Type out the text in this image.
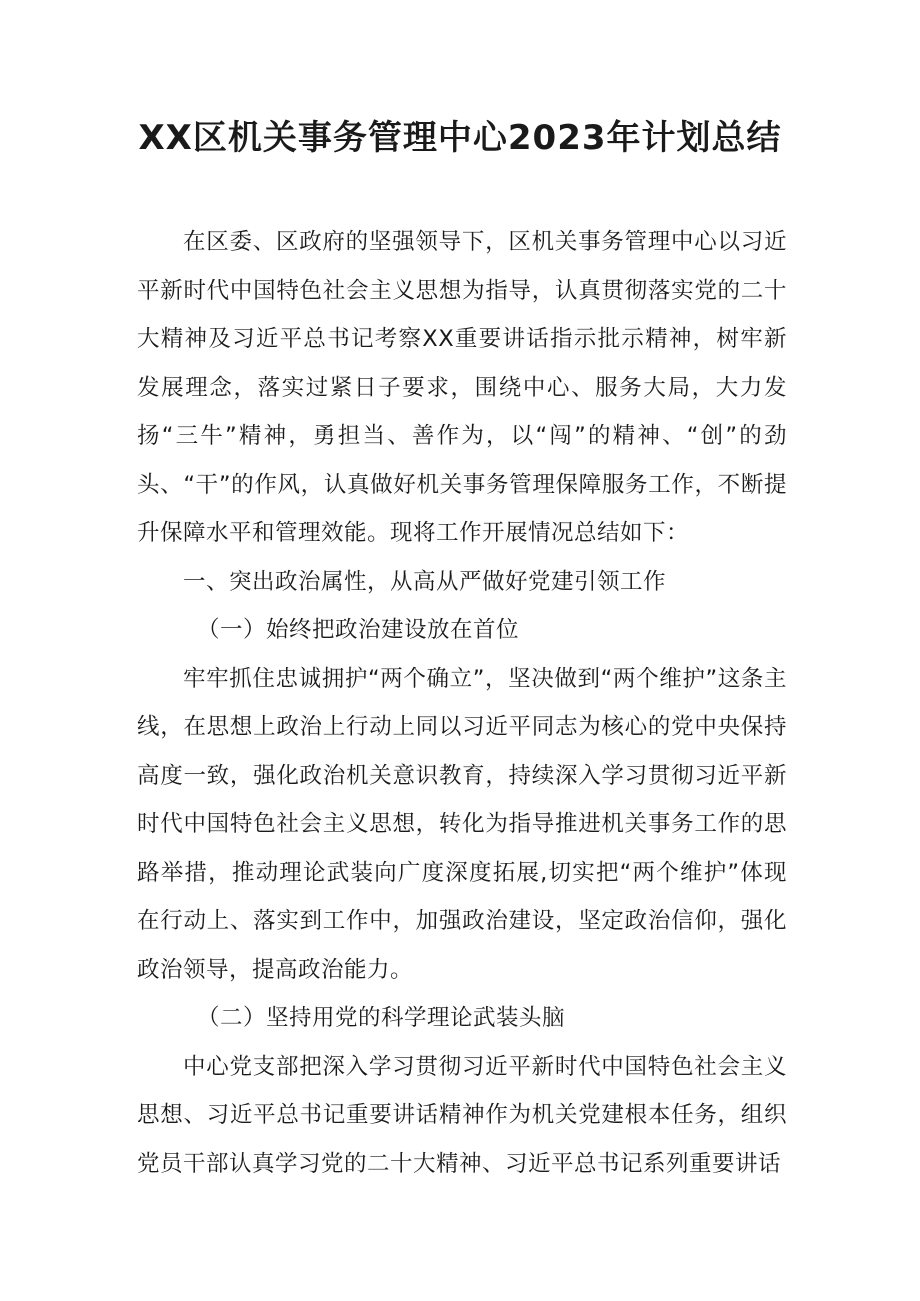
XX区机关事务管理中心2023年计划总结

在区委、区政府的坚强领导下，区机关事务管理中心以习近平新时代中国特色社会主义思想为指导，认真贯彻落实党的二十大精神及习近平总书记考察XX重要讲话指示批示精神，树牢新发展理念，落实过紧日子要求，围绕中心、服务大局，大力发扬“三牛”精神，勇担当、善作为，以“闯”的精神、“创”的劲头、“干”的作风，认真做好机关事务管理保障服务工作，不断提升保障水平和管理效能。现将工作开展情况总结如下：

一、突出政治属性，从高从严做好党建引领工作

（一）始终把政治建设放在首位

牢牢抓住忠诚拥护“两个确立”，坚决做到“两个维护”这条主线，在思想上政治上行动上同以习近平同志为核心的党中央保持高度一致，强化政治机关意识教育，持续深入学习贯彻习近平新时代中国特色社会主义思想，转化为指导推进机关事务工作的思路举措，推动理论武装向广度深度拓展,切实把“两个维护”体现在行动上、落实到工作中，加强政治建设，坚定政治信仰，强化政治领导，提高政治能力。

（二）坚持用党的科学理论武装头脑

中心党支部把深入学习贯彻习近平新时代中国特色社会主义思想、习近平总书记重要讲话精神作为机关党建根本任务，组织党员干部认真学习党的二十大精神、习近平总书记系列重要讲话
